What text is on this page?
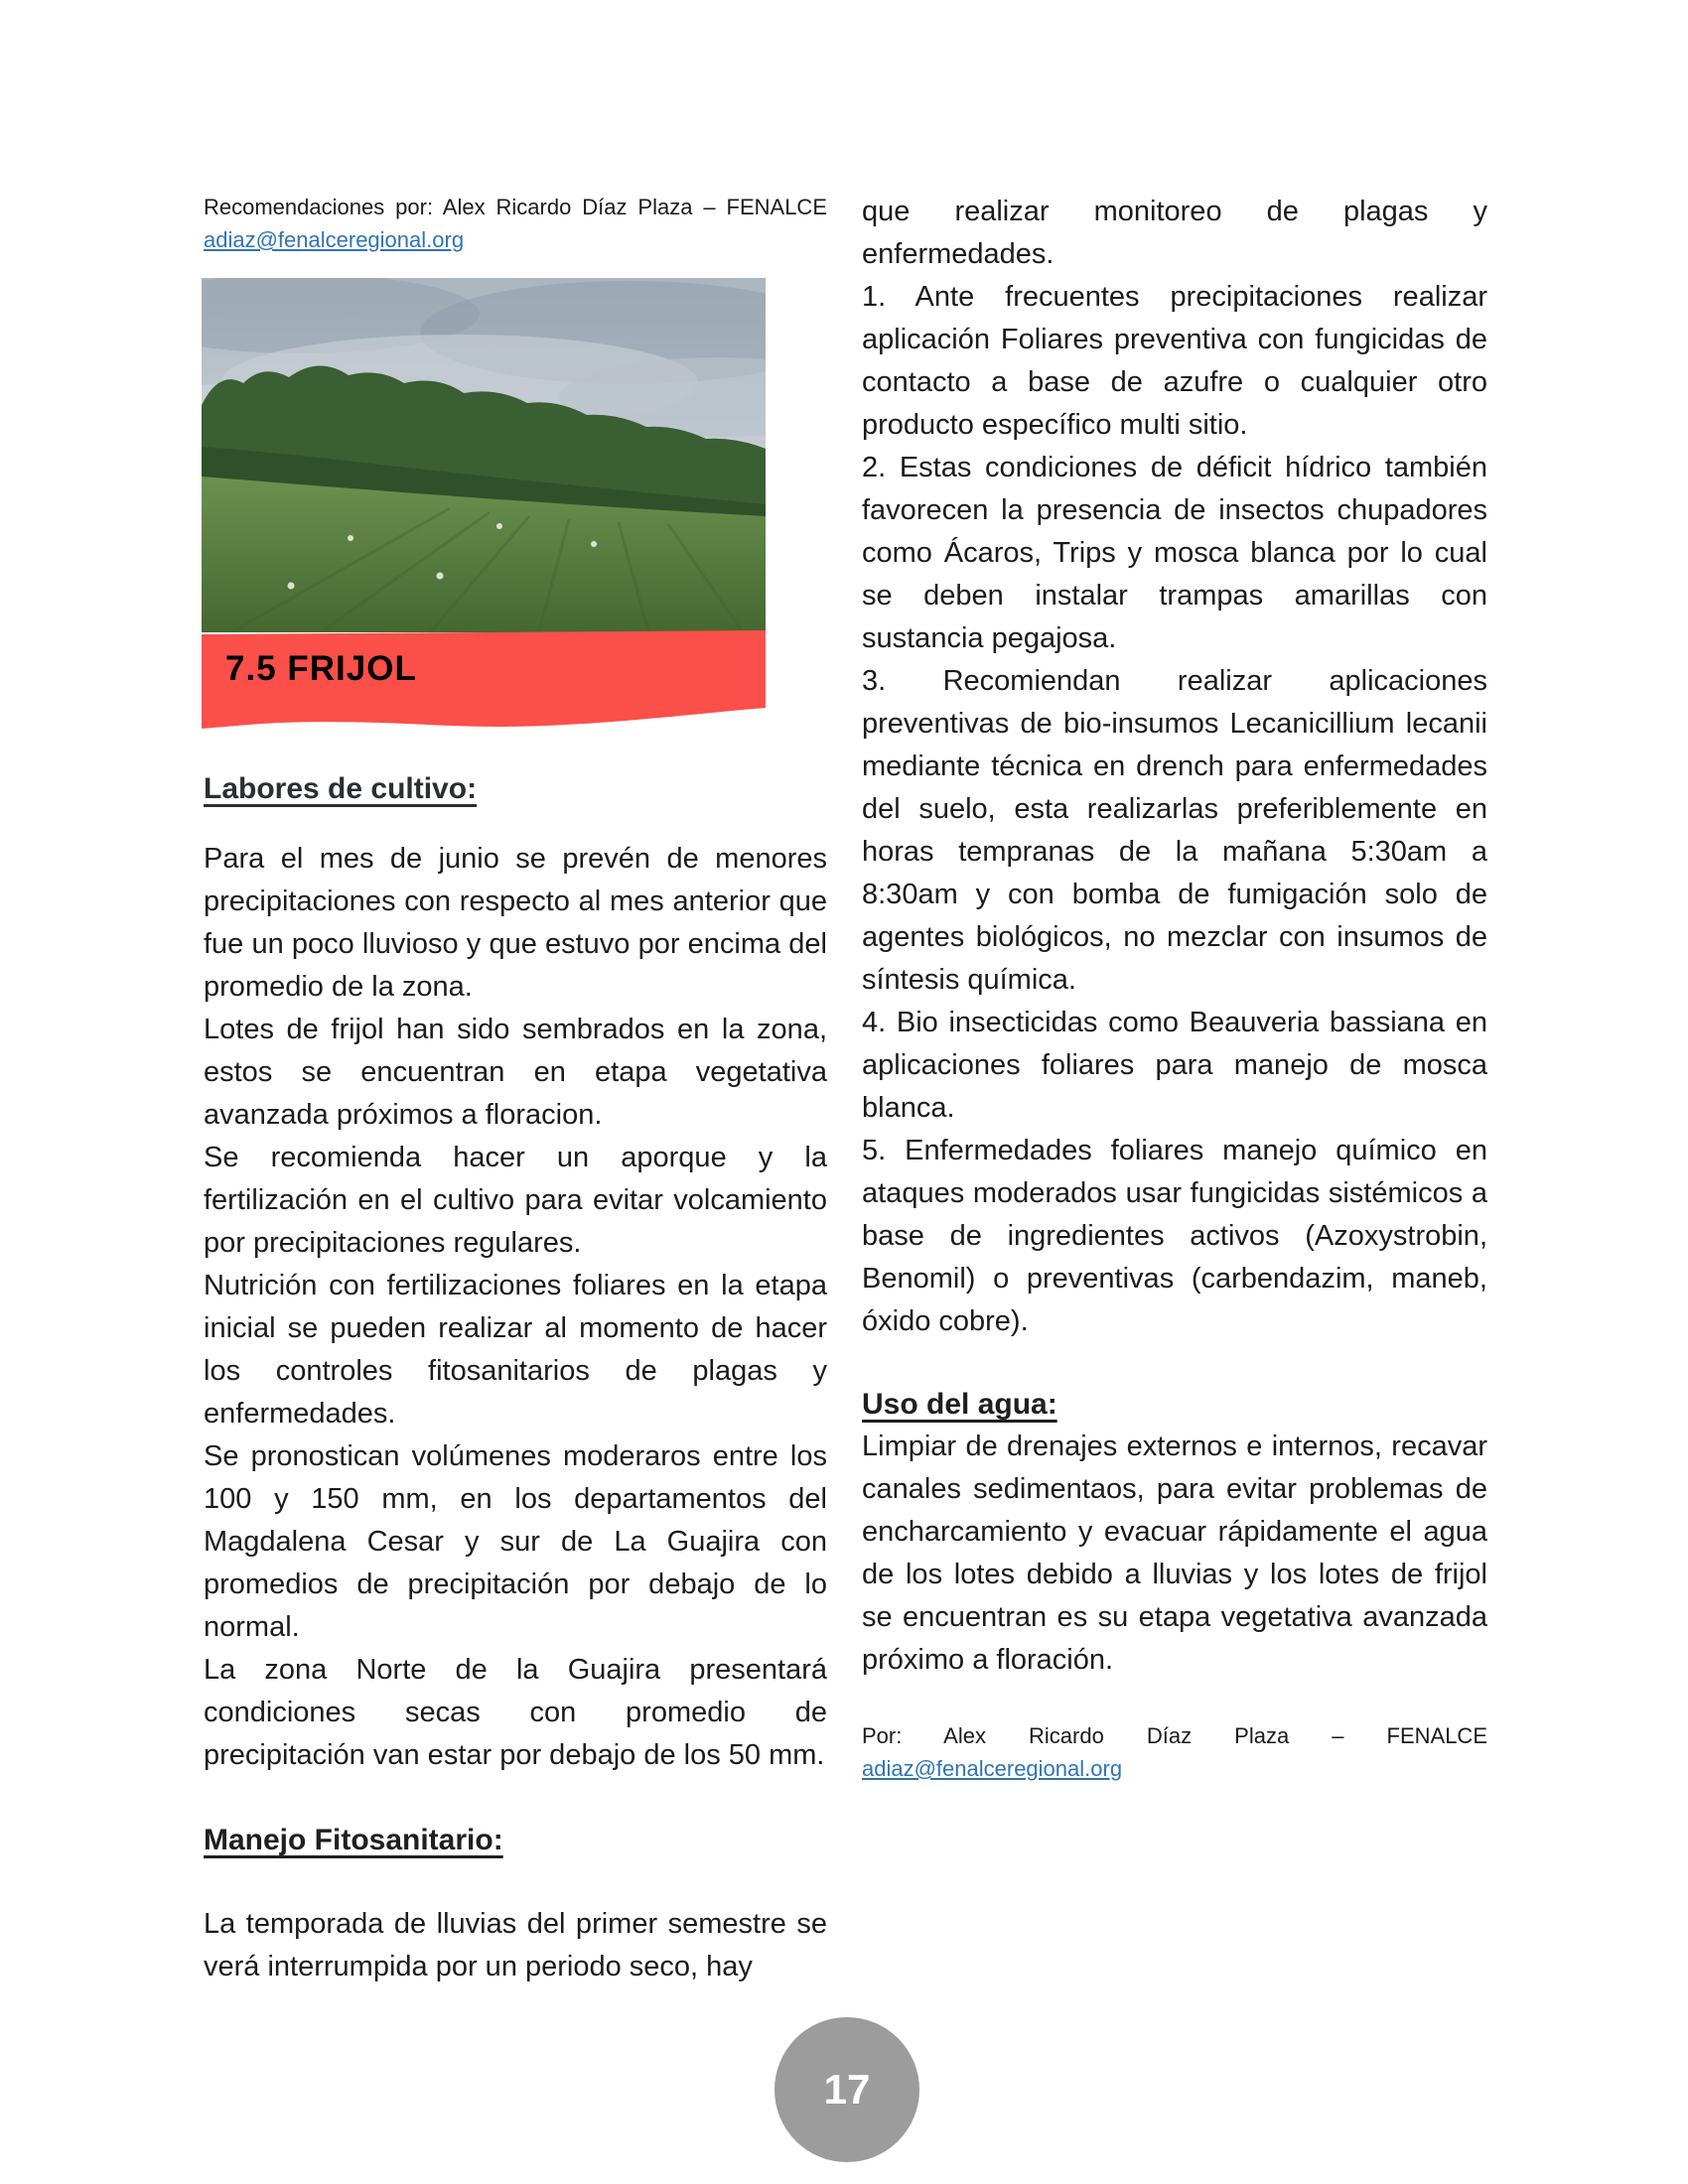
Recomendaciones por: Alex Ricardo Díaz Plaza – FENALCE
adiaz@fenalceregional.org

7.5 FRIJOL
Labores de cultivo:

Para el mes de junio se prevén de menores precipitaciones con respecto al mes anterior que fue un poco lluvioso y que estuvo por encima del promedio de la zona.

Lotes de frijol han sido sembrados en la zona, estos se encuentran en etapa vegetativa avanzada próximos a floracion.

Se recomienda hacer un aporque y la fertilización en el cultivo para evitar volcamiento por precipitaciones regulares.

Nutrición con fertilizaciones foliares en la etapa inicial se pueden realizar al momento de hacer los controles fitosanitarios de plagas y enfermedades.

Se pronostican volúmenes moderaros entre los 100 y 150 mm, en los departamentos del Magdalena Cesar y sur de La Guajira con promedios de precipitación por debajo de lo normal.

La zona Norte de la Guajira presentará condiciones secas con promedio de precipitación van estar por debajo de los 50 mm.

Manejo Fitosanitario:

La temporada de lluvias del primer semestre se verá interrumpida por un periodo seco, hay

que realizar monitoreo de plagas y enfermedades.

1. Ante frecuentes precipitaciones realizar aplicación Foliares preventiva con fungicidas de contacto a base de azufre o cualquier otro producto específico multi sitio.

2. Estas condiciones de déficit hídrico también favorecen la presencia de insectos chupadores como Ácaros, Trips y mosca blanca por lo cual se deben instalar trampas amarillas con sustancia pegajosa.

3. Recomiendan realizar aplicaciones preventivas de bio-insumos Lecanicillium lecanii mediante técnica en drench para enfermedades del suelo, esta realizarlas preferiblemente en horas tempranas de la mañana 5:30am a 8:30am y con bomba de fumigación solo de agentes biológicos, no mezclar con insumos de síntesis química.

4. Bio insecticidas como Beauveria bassiana en aplicaciones foliares para manejo de mosca blanca.

5. Enfermedades foliares manejo químico en ataques moderados usar fungicidas sistémicos a base de ingredientes activos (Azoxystrobin, Benomil) o preventivas (carbendazim, maneb, óxido cobre).

Uso del agua:

Limpiar de drenajes externos e internos, recavar canales sedimentaos, para evitar problemas de encharcamiento y evacuar rápidamente el agua de los lotes debido a lluvias y los lotes de frijol se encuentran es su etapa vegetativa avanzada próximo a floración.

Por: Alex Ricardo Díaz Plaza – FENALCE
adiaz@fenalceregional.org

17
